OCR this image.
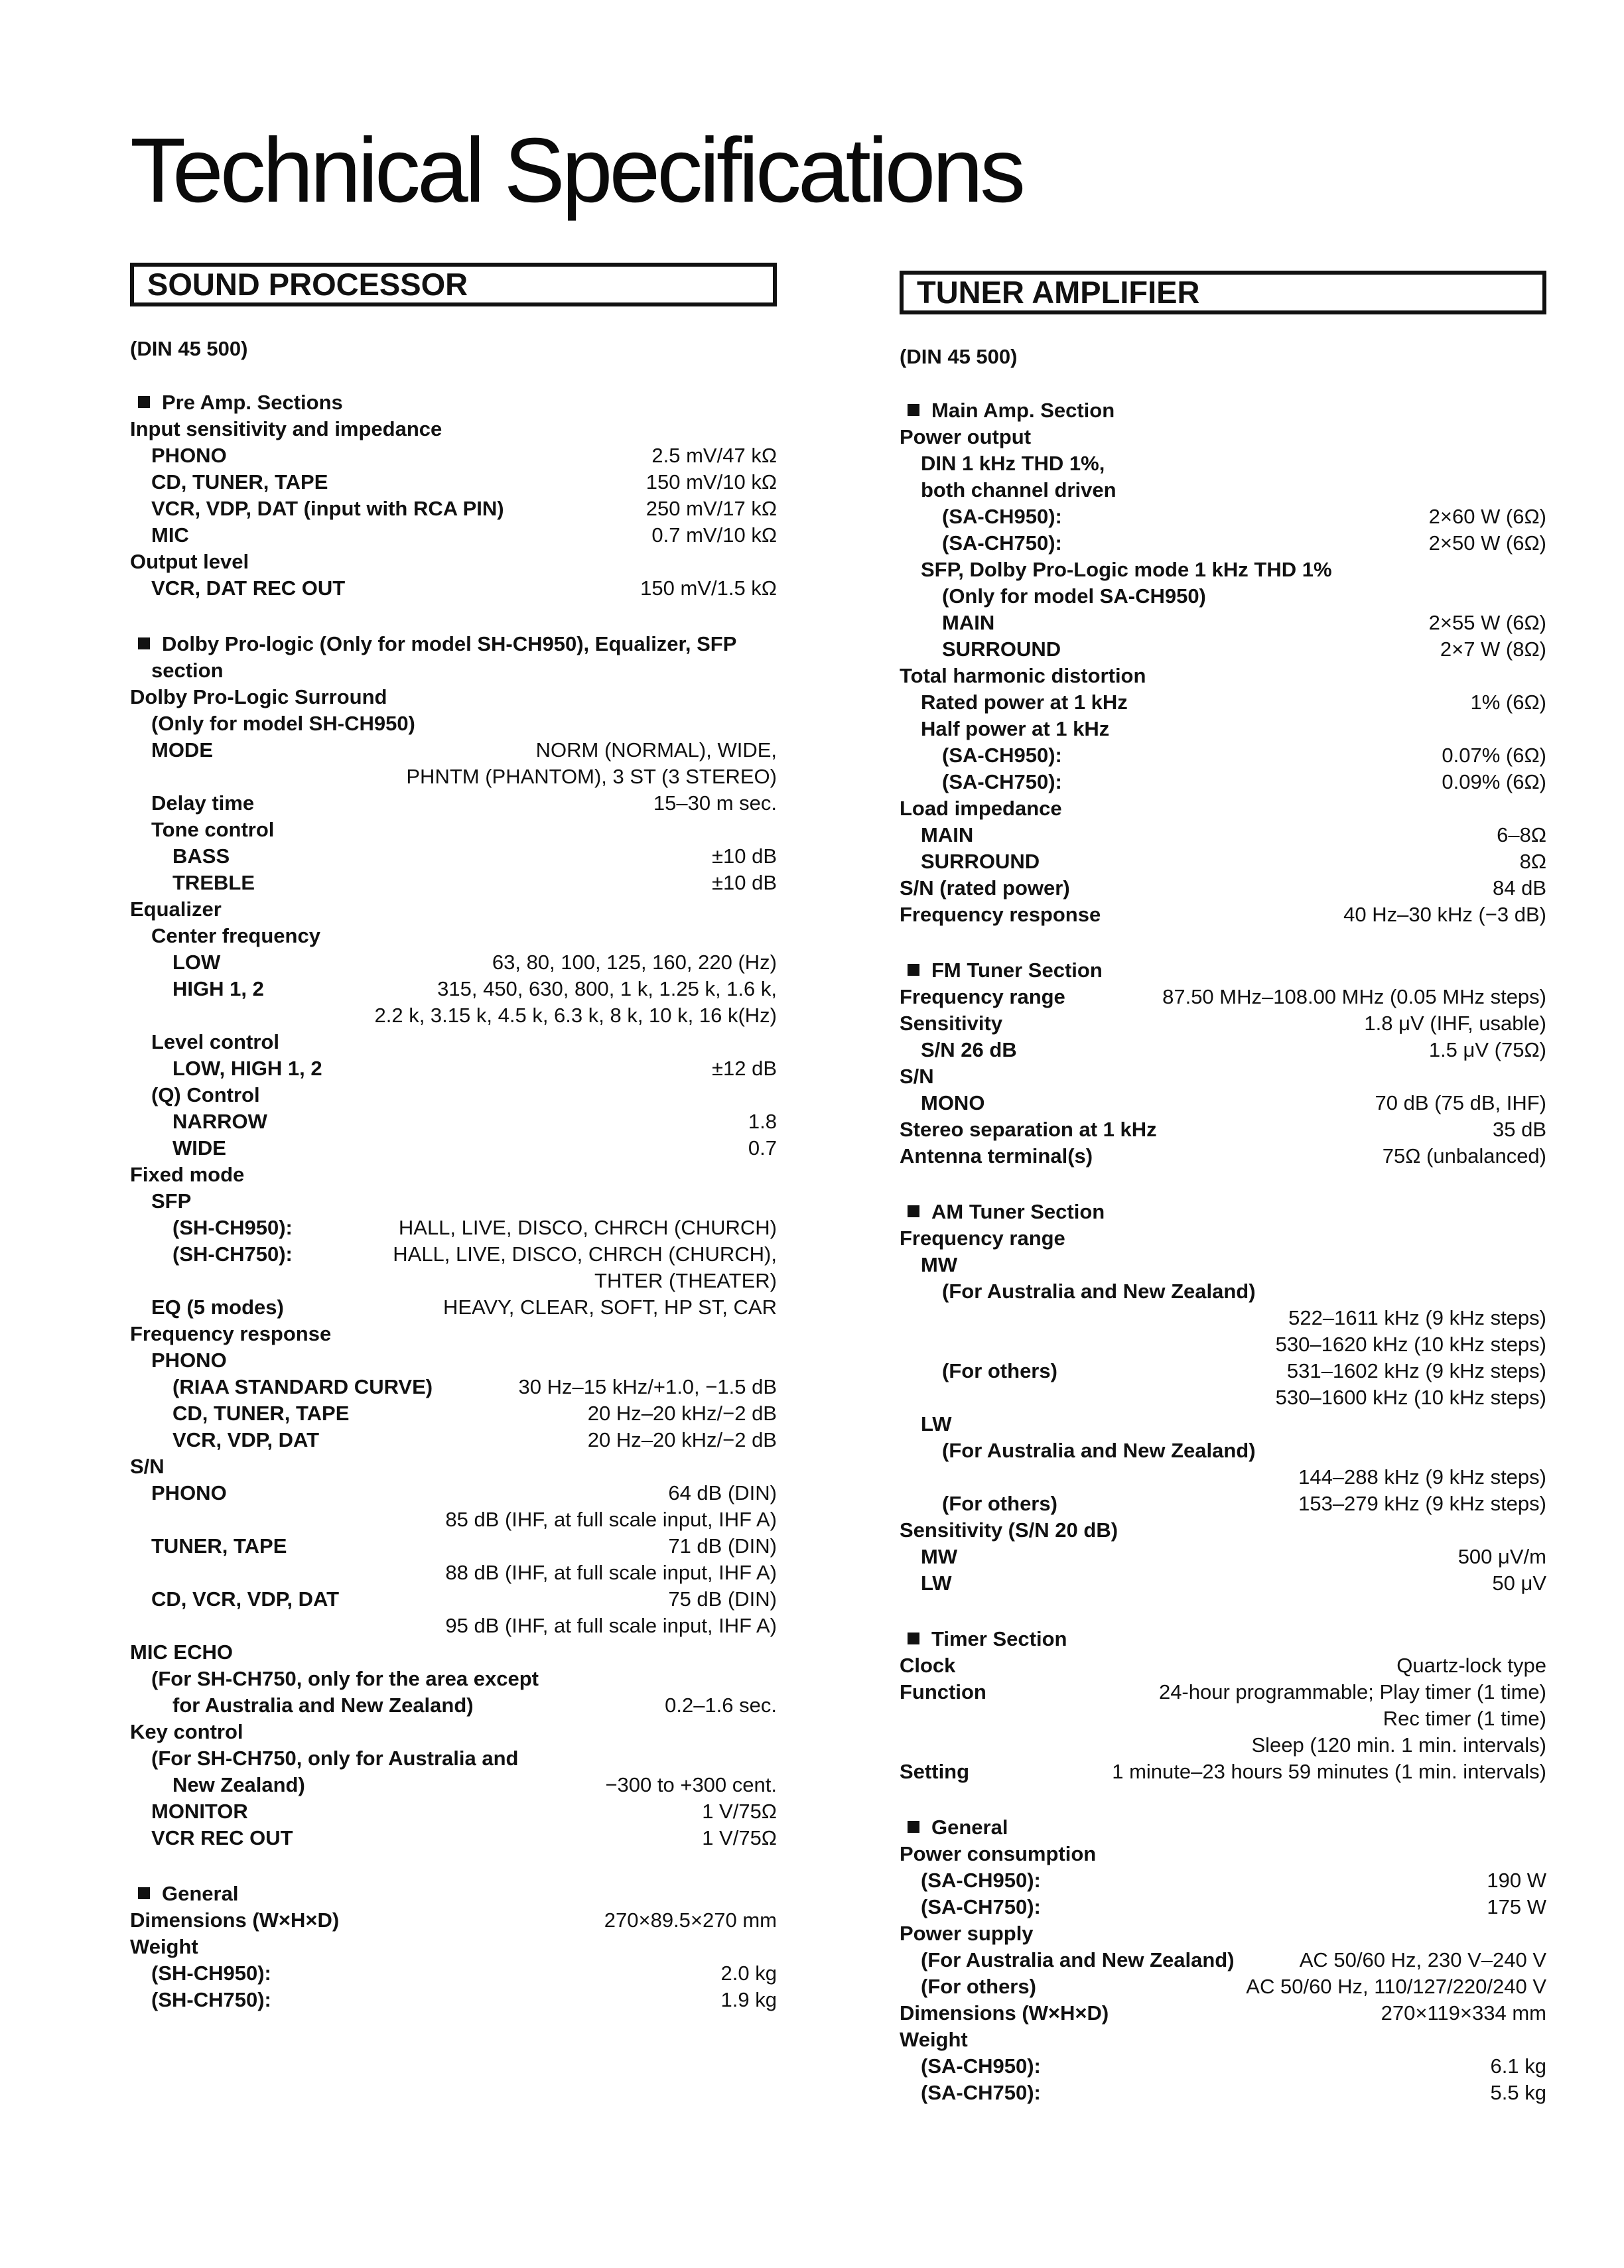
Technical Specifications
SOUND PROCESSOR
(DIN 45 500)
Pre Amp. Sections
Input sensitivity and impedance
PHONO	2.5 mV/47 kΩ
CD, TUNER, TAPE	150 mV/10 kΩ
VCR, VDP, DAT (input with RCA PIN)	250 mV/17 kΩ
MIC	0.7 mV/10 kΩ
Output level
VCR, DAT REC OUT	150 mV/1.5 kΩ
Dolby Pro-logic (Only for model SH-CH950), Equalizer, SFP
section
Dolby Pro-Logic Surround
(Only for model SH-CH950)
MODE	NORM (NORMAL), WIDE,
PHNTM (PHANTOM), 3 ST (3 STEREO)
Delay time	15–30 m sec.
Tone control
BASS	±10 dB
TREBLE	±10 dB
Equalizer
Center frequency
LOW	63, 80, 100, 125, 160, 220 (Hz)
HIGH 1, 2	315, 450, 630, 800, 1 k, 1.25 k, 1.6 k,
2.2 k, 3.15 k, 4.5 k, 6.3 k, 8 k, 10 k, 16 k(Hz)
Level control
LOW, HIGH 1, 2	±12 dB
(Q) Control
NARROW	1.8
WIDE	0.7
Fixed mode
SFP
(SH-CH950):	HALL, LIVE, DISCO, CHRCH (CHURCH)
(SH-CH750):	HALL, LIVE, DISCO, CHRCH (CHURCH),
THTER (THEATER)
EQ (5 modes)	HEAVY, CLEAR, SOFT, HP ST, CAR
Frequency response
PHONO
(RIAA STANDARD CURVE)	30 Hz–15 kHz/+1.0, −1.5 dB
CD, TUNER, TAPE	20 Hz–20 kHz/−2 dB
VCR, VDP, DAT	20 Hz–20 kHz/−2 dB
S/N
PHONO	64 dB (DIN)
85 dB (IHF, at full scale input, IHF A)
TUNER, TAPE	71 dB (DIN)
88 dB (IHF, at full scale input, IHF A)
CD, VCR, VDP, DAT	75 dB (DIN)
95 dB (IHF, at full scale input, IHF A)
MIC ECHO
(For SH-CH750, only for the area except
for Australia and New Zealand)	0.2–1.6 sec.
Key control
(For SH-CH750, only for Australia and
New Zealand)	−300 to +300 cent.
MONITOR	1 V/75Ω
VCR REC OUT	1 V/75Ω
General
Dimensions (W×H×D)	270×89.5×270 mm
Weight
(SH-CH950):	2.0 kg
(SH-CH750):	1.9 kg
TUNER AMPLIFIER
(DIN 45 500)
Main Amp. Section
Power output
DIN 1 kHz THD 1%,
both channel driven
(SA-CH950):	2×60 W (6Ω)
(SA-CH750):	2×50 W (6Ω)
SFP, Dolby Pro-Logic mode 1 kHz THD 1%
(Only for model SA-CH950)
MAIN	2×55 W (6Ω)
SURROUND	2×7 W (8Ω)
Total harmonic distortion
Rated power at 1 kHz	1% (6Ω)
Half power at 1 kHz
(SA-CH950):	0.07% (6Ω)
(SA-CH750):	0.09% (6Ω)
Load impedance
MAIN	6–8Ω
SURROUND	8Ω
S/N (rated power)	84 dB
Frequency response	40 Hz–30 kHz (−3 dB)
FM Tuner Section
Frequency range	87.50 MHz–108.00 MHz (0.05 MHz steps)
Sensitivity	1.8 μV (IHF, usable)
S/N 26 dB	1.5 μV (75Ω)
S/N
MONO	70 dB (75 dB, IHF)
Stereo separation at 1 kHz	35 dB
Antenna terminal(s)	75Ω (unbalanced)
AM Tuner Section
Frequency range
MW
(For Australia and New Zealand)
522–1611 kHz (9 kHz steps)
530–1620 kHz (10 kHz steps)
(For others)	531–1602 kHz (9 kHz steps)
530–1600 kHz (10 kHz steps)
LW
(For Australia and New Zealand)
144–288 kHz (9 kHz steps)
(For others)	153–279 kHz (9 kHz steps)
Sensitivity (S/N 20 dB)
MW	500 μV/m
LW	50 μV
Timer Section
Clock	Quartz-lock type
Function	24-hour programmable; Play timer (1 time)
Rec timer (1 time)
Sleep (120 min. 1 min. intervals)
Setting	1 minute–23 hours 59 minutes (1 min. intervals)
General
Power consumption
(SA-CH950):	190 W
(SA-CH750):	175 W
Power supply
(For Australia and New Zealand)	AC 50/60 Hz, 230 V–240 V
(For others)	AC 50/60 Hz, 110/127/220/240 V
Dimensions (W×H×D)	270×119×334 mm
Weight
(SA-CH950):	6.1 kg
(SA-CH750):	5.5 kg
